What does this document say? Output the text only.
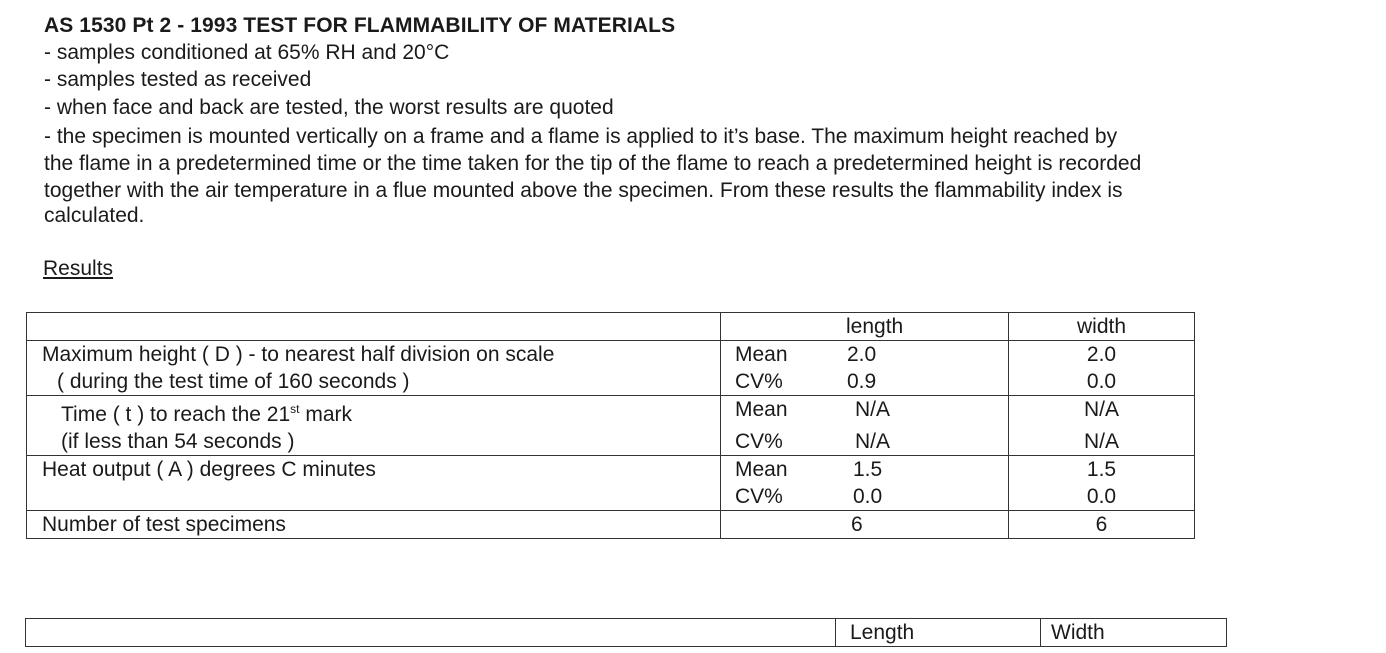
AS 1530 Pt 2 - 1993 TEST FOR FLAMMABILITY OF MATERIALS
- samples conditioned at 65% RH and 20°C
- samples tested as received
- when face and back are tested, the worst results are quoted
- the specimen is mounted vertically on a frame and a flame is applied to it’s base. The maximum height reached by
the flame in a predetermined time or the time taken for the tip of the flame to reach a predetermined height is recorded
together with the air temperature in a flue mounted above the specimen. From these results the flammability index is
calculated.
Results
	length	width
Maximum height ( D ) - to nearest half division on scale	Mean 2.0	2.0
( during the test time of 160 seconds )	CV% 0.9	0.0
Time ( t ) to reach the 21st mark	Mean N/A	N/A
(if less than 54 seconds )	CV% N/A	N/A
Heat output ( A ) degrees C minutes	Mean 1.5	1.5
	CV% 0.0	0.0
Number of test specimens	6	6
	Length	Width
